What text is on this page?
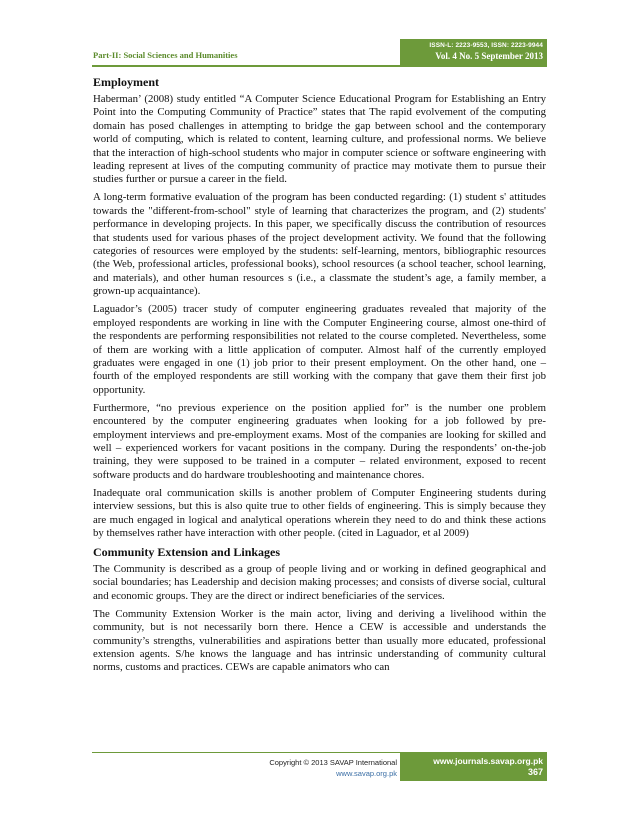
Part-II: Social Sciences and Humanities
ISSN-L: 2223-9553, ISSN: 2223-9944
Vol. 4 No. 5 September 2013
Employment

Haberman’ (2008) study entitled “A Computer Science Educational Program for Establishing an Entry Point into the Computing Community of Practice” states that The rapid evolvement of the computing domain has posed challenges in attempting to bridge the gap between school and the contemporary world of computing, which is related to content, learning culture, and professional norms. We believe that the interaction of high-school students who major in computer science or software engineering with leading represent at lives of the computing community of practice may motivate them to pursue their studies further or pursue a career in the field.

A long-term formative evaluation of the program has been conducted regarding: (1) student s' attitudes towards the "different-from-school" style of learning that characterizes the program, and (2) students' performance in developing projects. In this paper, we specifically discuss the contribution of resources that students used for various phases of the project development activity. We found that the following categories of resources were employed by the students: self-learning, mentors, bibliographic resources (the Web, professional articles, professional books), school resources (a school teacher, school learning, and materials), and other human resources s (i.e., a classmate the student’s age, a family member, a grown-up acquaintance).

Laguador’s (2005) tracer study of computer engineering graduates revealed that majority of the employed respondents are working in line with the Computer Engineering course, almost one-third of the respondents are performing responsibilities not related to the course completed. Nevertheless, some of them are working with a little application of computer. Almost half of the currently employed graduates were engaged in one (1) job prior to their present employment. On the other hand, one – fourth of the employed respondents are still working with the company that gave them their first job opportunity.

Furthermore, “no previous experience on the position applied for” is the number one problem encountered by the computer engineering graduates when looking for a job followed by pre-employment interviews and pre-employment exams. Most of the companies are looking for skilled and well – experienced workers for vacant positions in the company. During the respondents’ on-the-job training, they were supposed to be trained in a computer – related environment, exposed to recent software products and do hardware troubleshooting and maintenance chores.

Inadequate oral communication skills is another problem of Computer Engineering students during interview sessions, but this is also quite true to other fields of engineering. This is simply because they are much engaged in logical and analytical operations wherein they need to do and think these actions by themselves rather have interaction with other people. (cited in Laguador, et al 2009)

Community Extension and Linkages

The Community is described as a group of people living and or working in defined geographical and social boundaries; has Leadership and decision making processes; and consists of diverse social, cultural and economic groups. They are the direct or indirect beneficiaries of the services.

The Community Extension Worker is the main actor, living and deriving a livelihood within the community, but is not necessarily born there. Hence a CEW is accessible and understands the community’s strengths, vulnerabilities and aspirations better than usually more educated, professional extension agents. S/he knows the language and has intrinsic understanding of community cultural norms, customs and practices. CEWs are capable animators who can

Copyright © 2013 SAVAP International
www.savap.org.pk
www.journals.savap.org.pk
367
